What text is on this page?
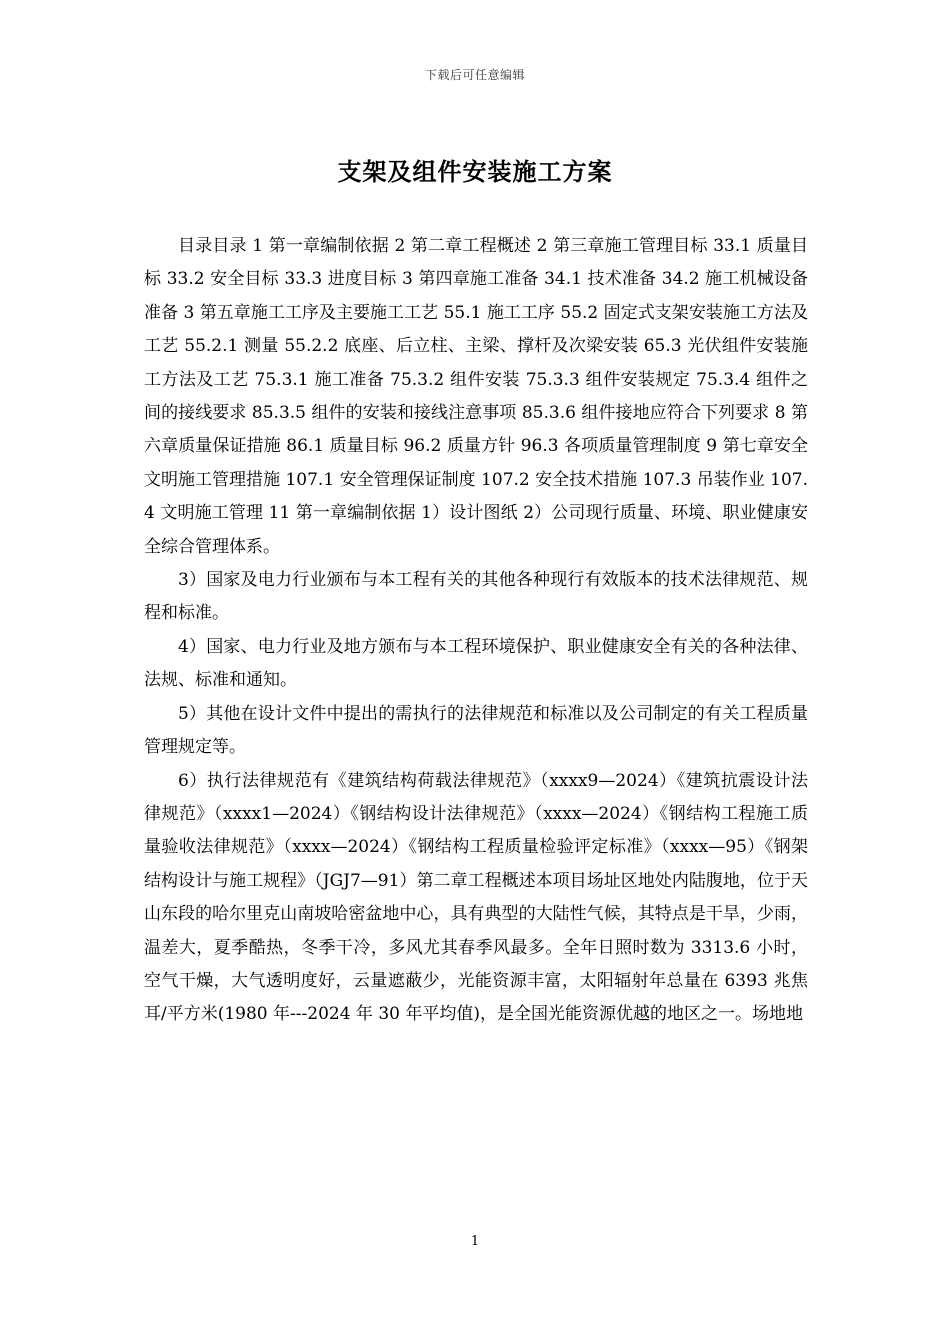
下载后可任意编辑
支架及组件安装施工方案

目录目录 1 第一章编制依据 2 第二章工程概述 2 第三章施工管理目标 33.1 质量目标 33.2 安全目标 33.3 进度目标 3 第四章施工准备 34.1 技术准备 34.2 施工机械设备准备 3 第五章施工工序及主要施工工艺 55.1 施工工序 55.2 固定式支架安装施工方法及工艺 55.2.1 测量 55.2.2 底座、后立柱、主梁、撑杆及次梁安装 65.3 光伏组件安装施工方法及工艺 75.3.1 施工准备 75.3.2 组件安装 75.3.3 组件安装规定 75.3.4 组件之间的接线要求 85.3.5 组件的安装和接线注意事项 85.3.6 组件接地应符合下列要求 8 第六章质量保证措施 86.1 质量目标 96.2 质量方针 96.3 各项质量管理制度 9 第七章安全文明施工管理措施 107.1 安全管理保证制度 107.2 安全技术措施 107.3 吊装作业 107.4 文明施工管理 11 第一章编制依据 1）设计图纸 2）公司现行质量、环境、职业健康安全综合管理体系。

3）国家及电力行业颁布与本工程有关的其他各种现行有效版本的技术法律规范、规程和标准。

4）国家、电力行业及地方颁布与本工程环境保护、职业健康安全有关的各种法律、法规、标准和通知。

5）其他在设计文件中提出的需执行的法律规范和标准以及公司制定的有关工程质量管理规定等。

6）执行法律规范有《建筑结构荷载法律规范》（xxxx9—2024）《建筑抗震设计法律规范》（xxxx1—2024）《钢结构设计法律规范》（xxxx—2024）《钢结构工程施工质量验收法律规范》（xxxx—2024）《钢结构工程质量检验评定标准》（xxxx—95）《钢架结构设计与施工规程》（JGJ7—91）第二章工程概述本项目场址区地处内陆腹地，位于天山东段的哈尔里克山南坡哈密盆地中心，具有典型的大陆性气候，其特点是干旱，少雨，温差大，夏季酷热，冬季干冷，多风尤其春季风最多。全年日照时数为 3313.6 小时，空气干燥，大气透明度好，云量遮蔽少，光能资源丰富，太阳辐射年总量在 6393 兆焦耳/平方米(1980 年---2024 年 30 年平均值)，是全国光能资源优越的地区之一。场地地

1
